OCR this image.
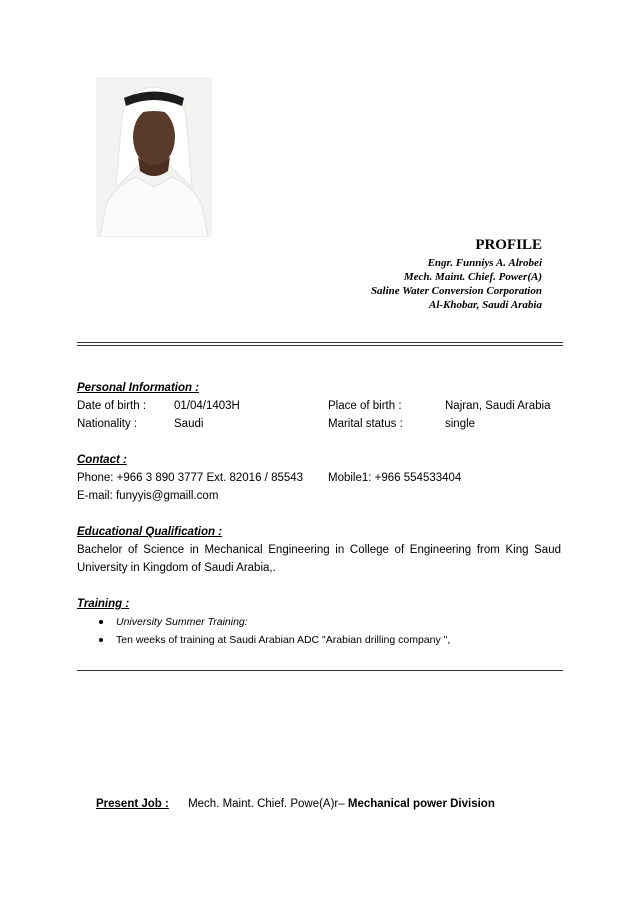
PROFILE
Engr. Funniys A. Alrobei
Mech. Maint. Chief. Power(A)
Saline Water Conversion Corporation
Al-Khobar, Saudi Arabia
Personal Information :
Date of birth :	01/04/1403H	Place of birth :	Najran, Saudi Arabia
Nationality :	Saudi	Marital status :	single
Contact :
Phone: +966 3 890 3777 Ext. 82016 / 85543	Mobile1: +966 554533404
E-mail: funyyis@gmaill.com
Educational Qualification :
Bachelor of Science in Mechanical Engineering in College of Engineering from King Saud University in Kingdom of Saudi Arabia,.
Training :
University Summer Training:
Ten weeks of training at Saudi Arabian ADC "Arabian drilling company ",
Present Job : Mech. Maint. Chief. Powe(A)r– Mechanical power Division
